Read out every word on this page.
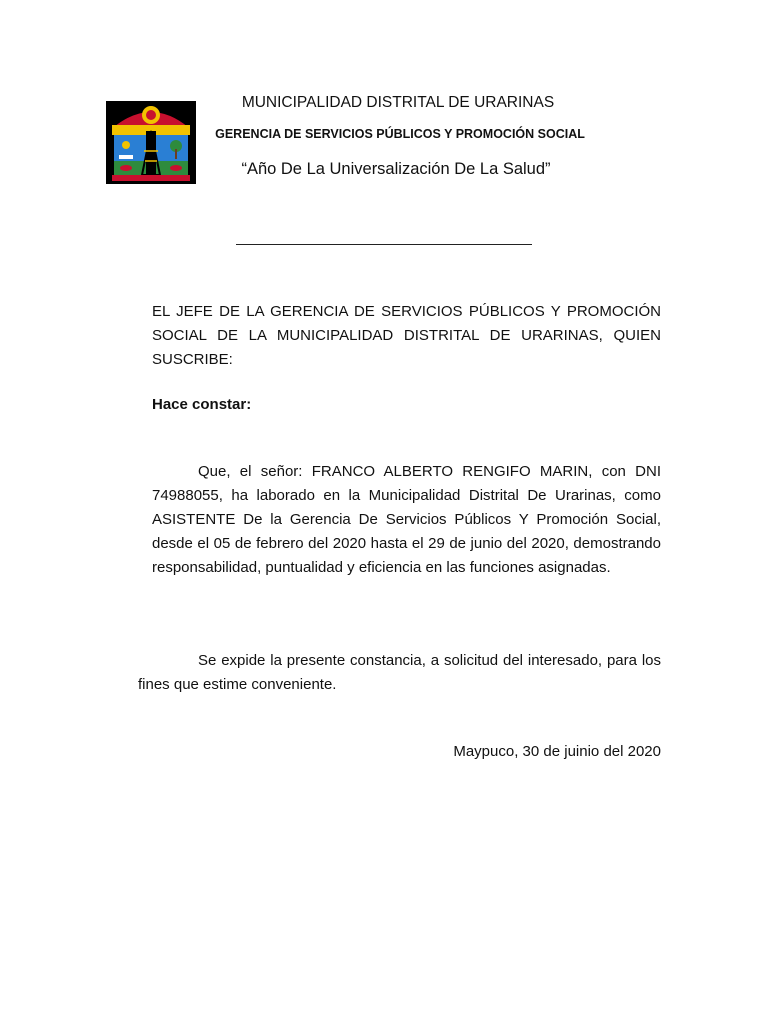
MUNICIPALIDAD DISTRITAL DE URARINAS
GERENCIA DE SERVICIOS PÚBLICOS Y PROMOCIÓN SOCIAL
“Año De La Universalización De La Salud”
EL JEFE DE LA GERENCIA DE SERVICIOS PÚBLICOS Y PROMOCIÓN SOCIAL DE LA MUNICIPALIDAD DISTRITAL DE URARINAS, QUIEN SUSCRIBE:
Hace constar:
Que, el señor: FRANCO ALBERTO RENGIFO MARIN, con DNI 74988055, ha laborado en la Municipalidad Distrital De Urarinas, como ASISTENTE De la Gerencia De Servicios Públicos Y Promoción Social, desde el 05 de febrero del 2020 hasta el 29 de junio del 2020, demostrando responsabilidad, puntualidad y eficiencia en las funciones asignadas.
Se expide la presente constancia, a solicitud del interesado, para los fines que estime conveniente.
Maypuco, 30 de juinio del 2020
